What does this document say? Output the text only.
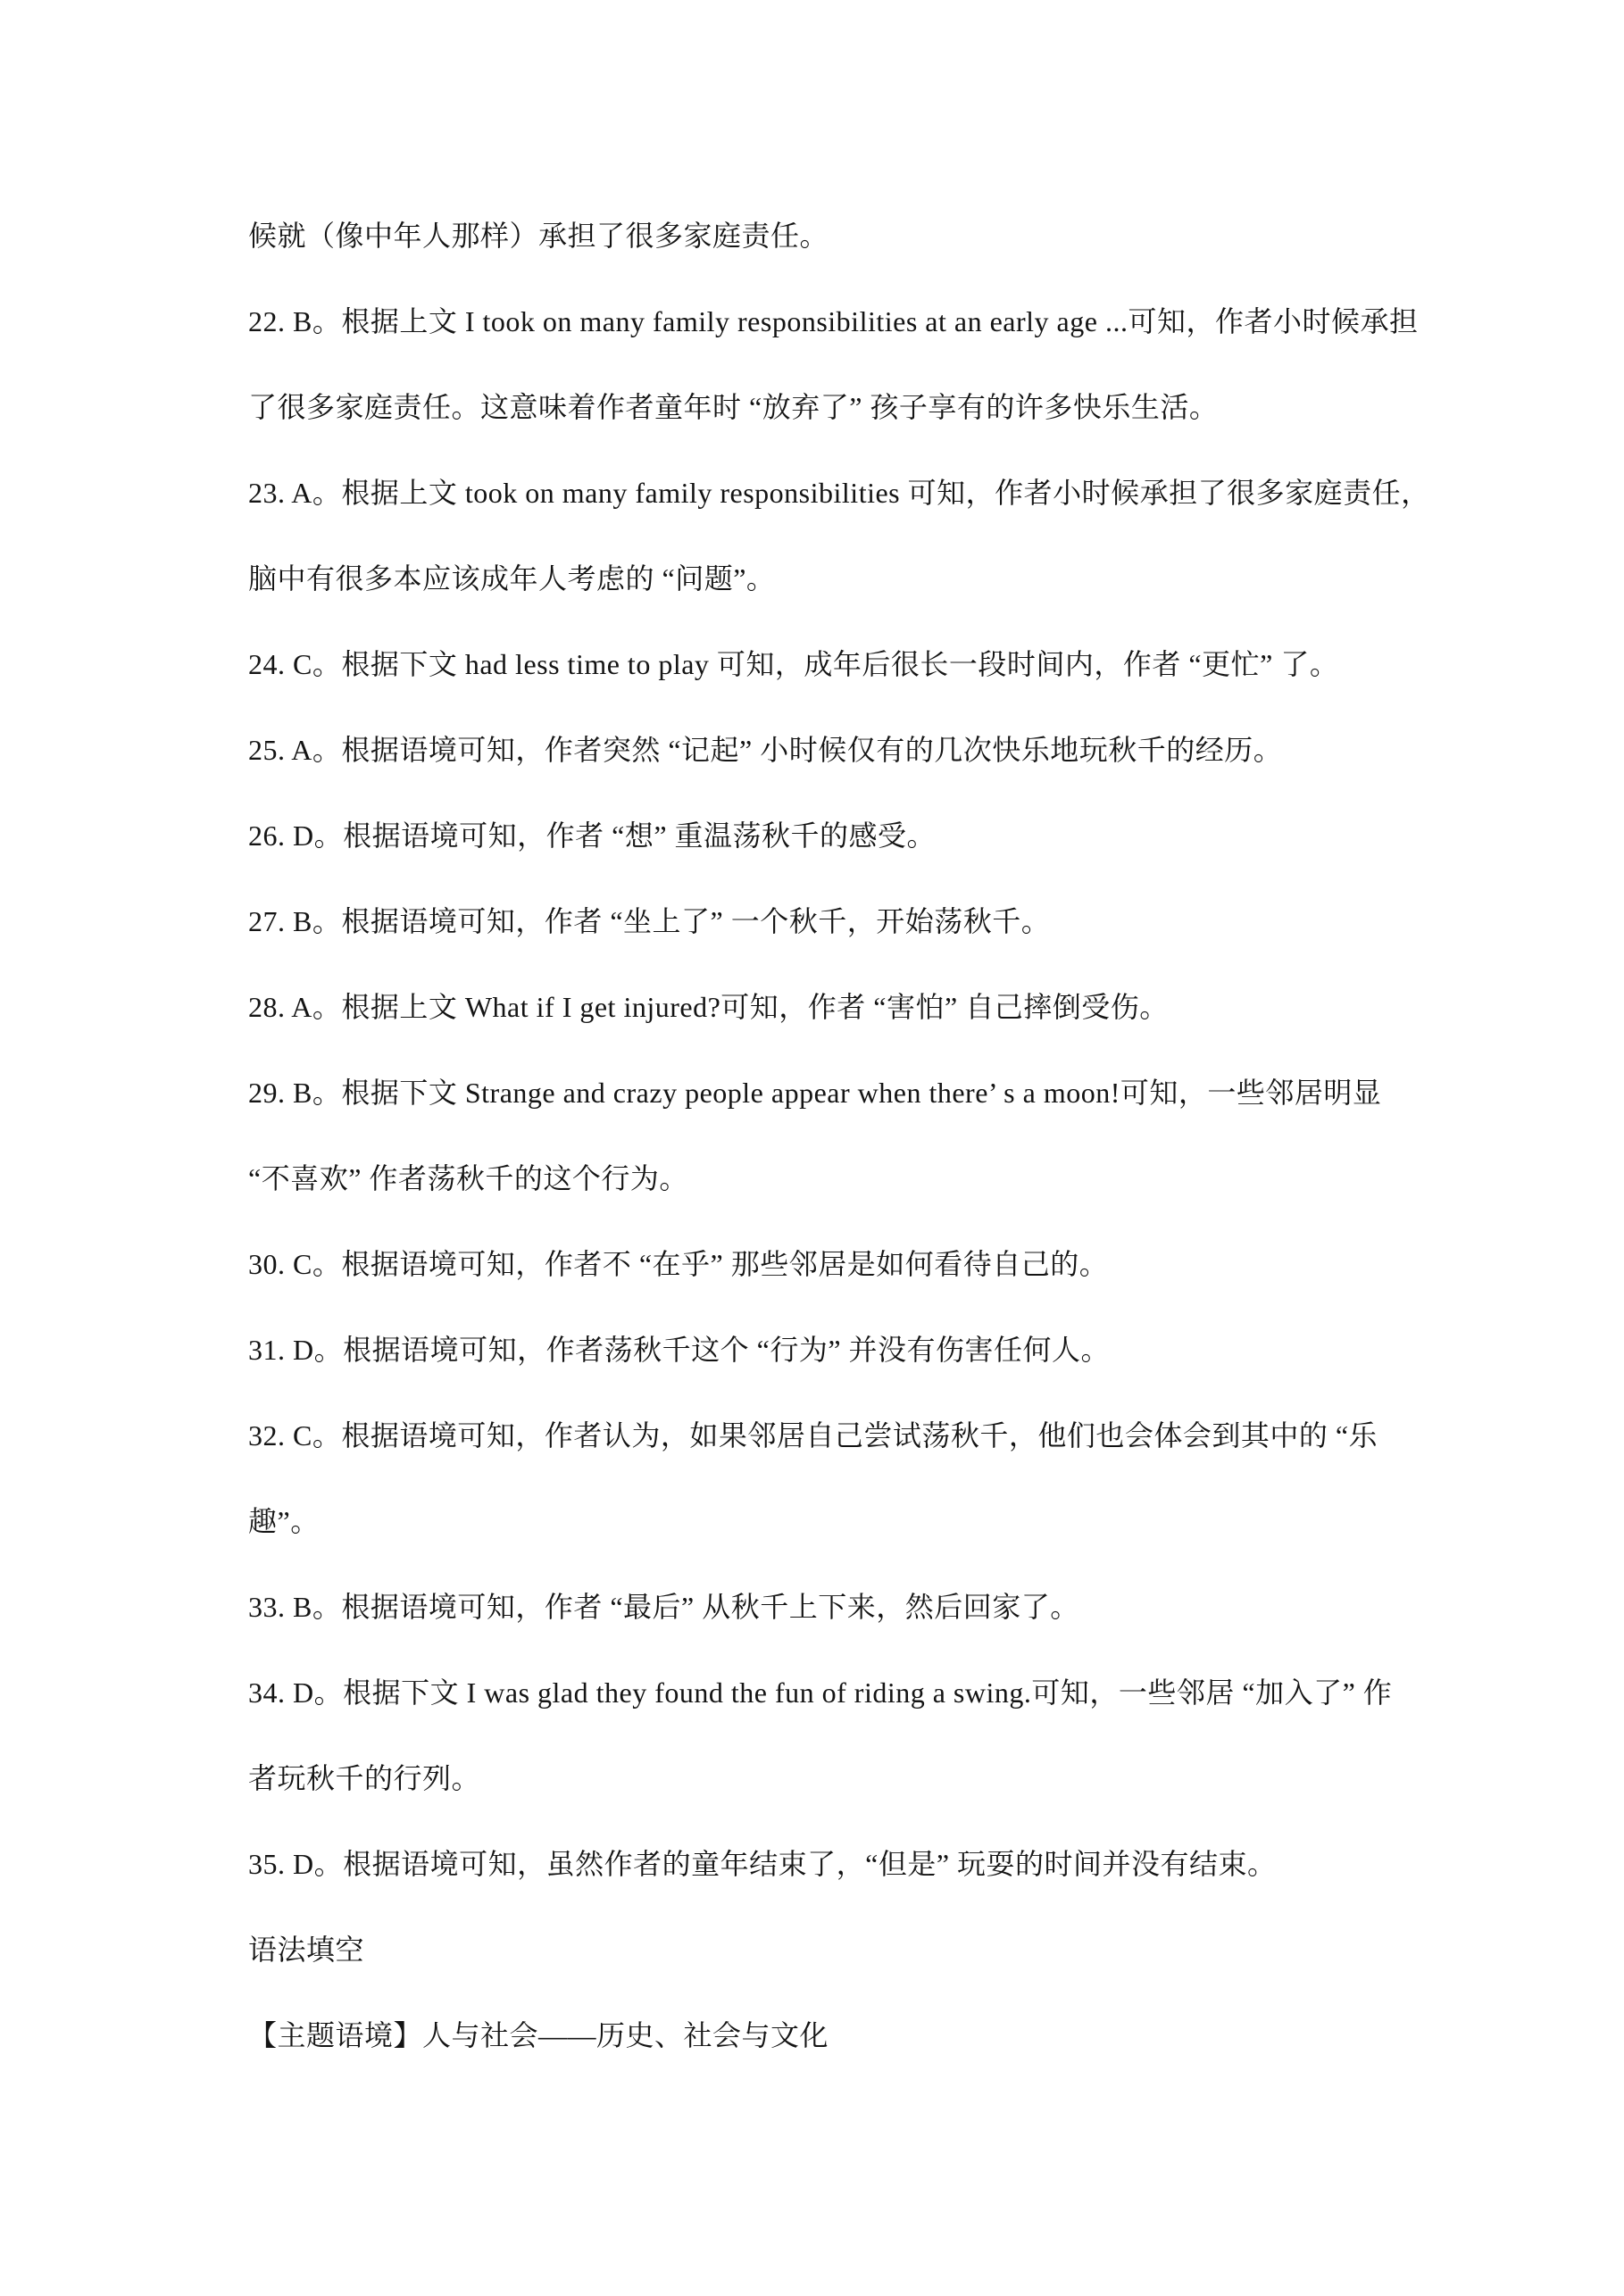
候就（像中年人那样）承担了很多家庭责任。
22. B。根据上文 I took on many family responsibilities at an early age ...可知，作者小时候承担
了很多家庭责任。这意味着作者童年时 “放弃了” 孩子享有的许多快乐生活。
23. A。根据上文 took on many family responsibilities 可知，作者小时候承担了很多家庭责任，
脑中有很多本应该成年人考虑的 “问题”。
24. C。根据下文 had less time to play 可知，成年后很长一段时间内，作者 “更忙” 了。
25. A。根据语境可知，作者突然 “记起” 小时候仅有的几次快乐地玩秋千的经历。
26. D。根据语境可知，作者 “想” 重温荡秋千的感受。
27. B。根据语境可知，作者 “坐上了” 一个秋千，开始荡秋千。
28. A。根据上文 What if I get injured?可知，作者 “害怕” 自己摔倒受伤。
29. B。根据下文 Strange and crazy people appear when there’ s a moon!可知，一些邻居明显
“不喜欢” 作者荡秋千的这个行为。
30. C。根据语境可知，作者不 “在乎” 那些邻居是如何看待自己的。
31. D。根据语境可知，作者荡秋千这个 “行为” 并没有伤害任何人。
32. C。根据语境可知，作者认为，如果邻居自己尝试荡秋千，他们也会体会到其中的 “乐
趣”。
33. B。根据语境可知，作者 “最后” 从秋千上下来，然后回家了。
34. D。根据下文 I was glad they found the fun of riding a swing.可知，一些邻居 “加入了” 作
者玩秋千的行列。
35. D。根据语境可知，虽然作者的童年结束了，“但是” 玩耍的时间并没有结束。
语法填空
【主题语境】人与社会——历史、社会与文化
